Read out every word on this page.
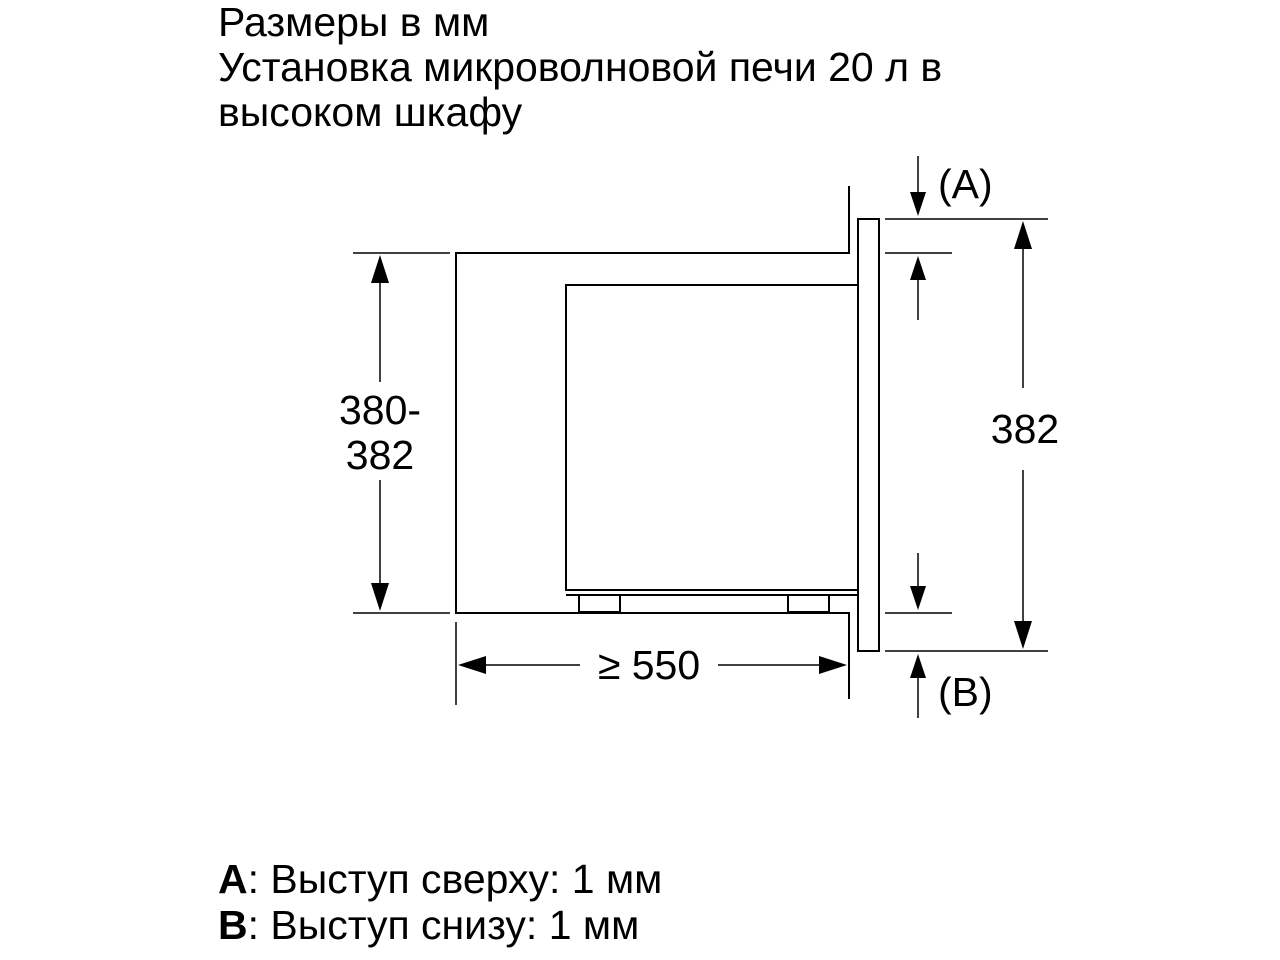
Размеры в мм
Установка микроволновой печи 20 л в
высоком шкафу
380-
382
382
≥ 550
(A)
(B)
A: Выступ сверху: 1 мм
B: Выступ снизу: 1 мм
